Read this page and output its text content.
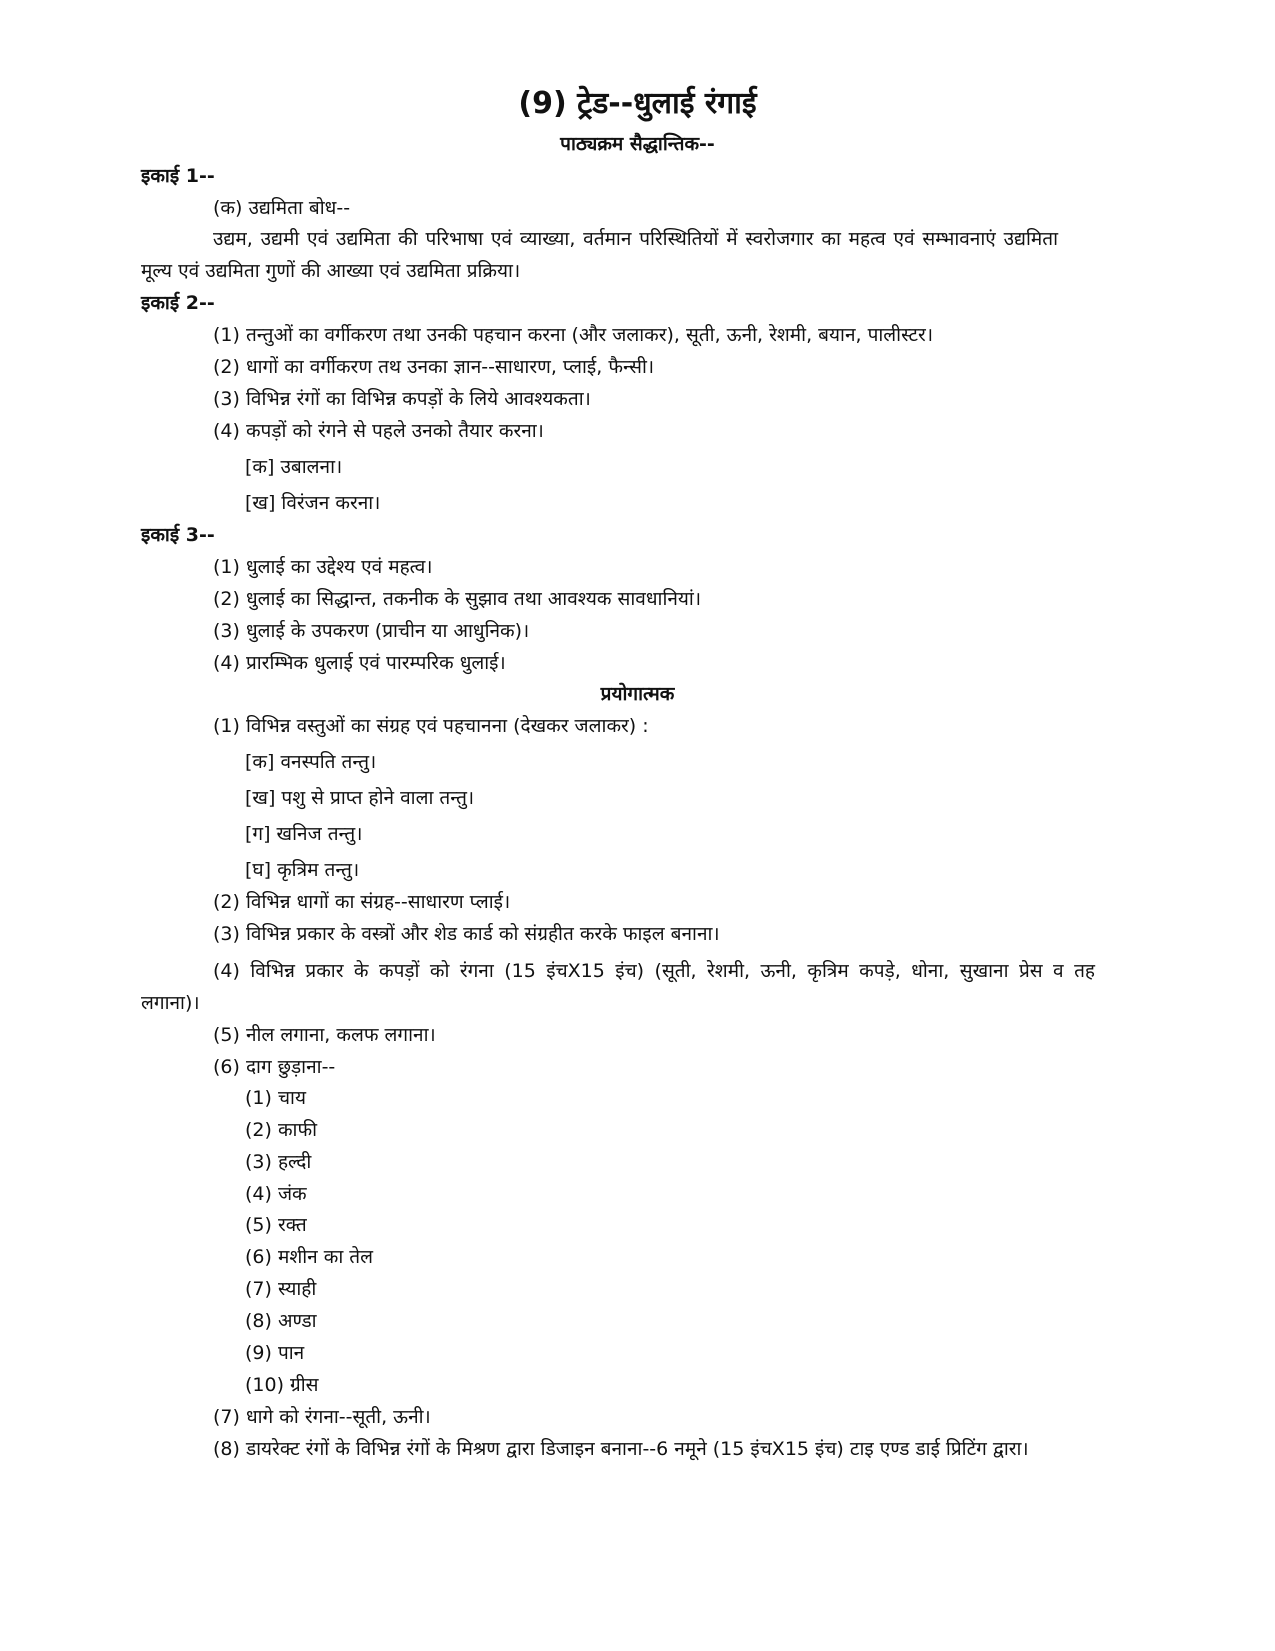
(9) ट्रेड--धुलाई रंगाई
पाठ्यक्रम सैद्धान्तिक--
इकाई 1--
(क) उद्यमिता बोध--
उद्यम, उद्यमी एवं उद्यमिता की परिभाषा एवं व्याख्या, वर्तमान परिस्थितियों में स्वरोजगार का महत्व एवं सम्भावनाएं उद्यमिता
मूल्य एवं उद्यमिता गुणों की आख्या एवं उद्यमिता प्रक्रिया।
इकाई 2--
(1) तन्तुओं का वर्गीकरण तथा उनकी पहचान करना (और जलाकर), सूती, ऊनी, रेशमी, बयान, पालीस्टर।
(2) धागों का वर्गीकरण तथ उनका ज्ञान--साधारण, प्लाई, फैन्सी।
(3) विभिन्न रंगों का विभिन्न कपड़ों के लिये आवश्यकता।
(4) कपड़ों को रंगने से पहले उनको तैयार करना।
[क] उबालना।
[ख] विरंजन करना।
इकाई 3--
(1) धुलाई का उद्देश्य एवं महत्व।
(2) धुलाई का सिद्धान्त, तकनीक के सुझाव तथा आवश्यक सावधानियां।
(3) धुलाई के उपकरण (प्राचीन या आधुनिक)।
(4) प्रारम्भिक धुलाई एवं पारम्परिक धुलाई।
प्रयोगात्मक
(1) विभिन्न वस्तुओं का संग्रह एवं पहचानना (देखकर जलाकर) :
[क] वनस्पति तन्तु।
[ख] पशु से प्राप्त होने वाला तन्तु।
[ग] खनिज तन्तु।
[घ] कृत्रिम तन्तु।
(2) विभिन्न धागों का संग्रह--साधारण प्लाई।
(3) विभिन्न प्रकार के वस्त्रों और शेड कार्ड को संग्रहीत करके फाइल बनाना।
(4) विभिन्न प्रकार के कपड़ों को रंगना (15 इंचX15 इंच) (सूती, रेशमी, ऊनी, कृत्रिम कपड़े, धोना, सुखाना प्रेस व तह
लगाना)।
(5) नील लगाना, कलफ लगाना।
(6) दाग छुड़ाना--
(1) चाय
(2) काफी
(3) हल्दी
(4) जंक
(5) रक्त
(6) मशीन का तेल
(7) स्याही
(8) अण्डा
(9) पान
(10) ग्रीस
(7) धागे को रंगना--सूती, ऊनी।
(8) डायरेक्ट रंगों के विभिन्न रंगों के मिश्रण द्वारा डिजाइन बनाना--6 नमूने (15 इंचX15 इंच) टाइ एण्ड डाई प्रिटिंग द्वारा।
